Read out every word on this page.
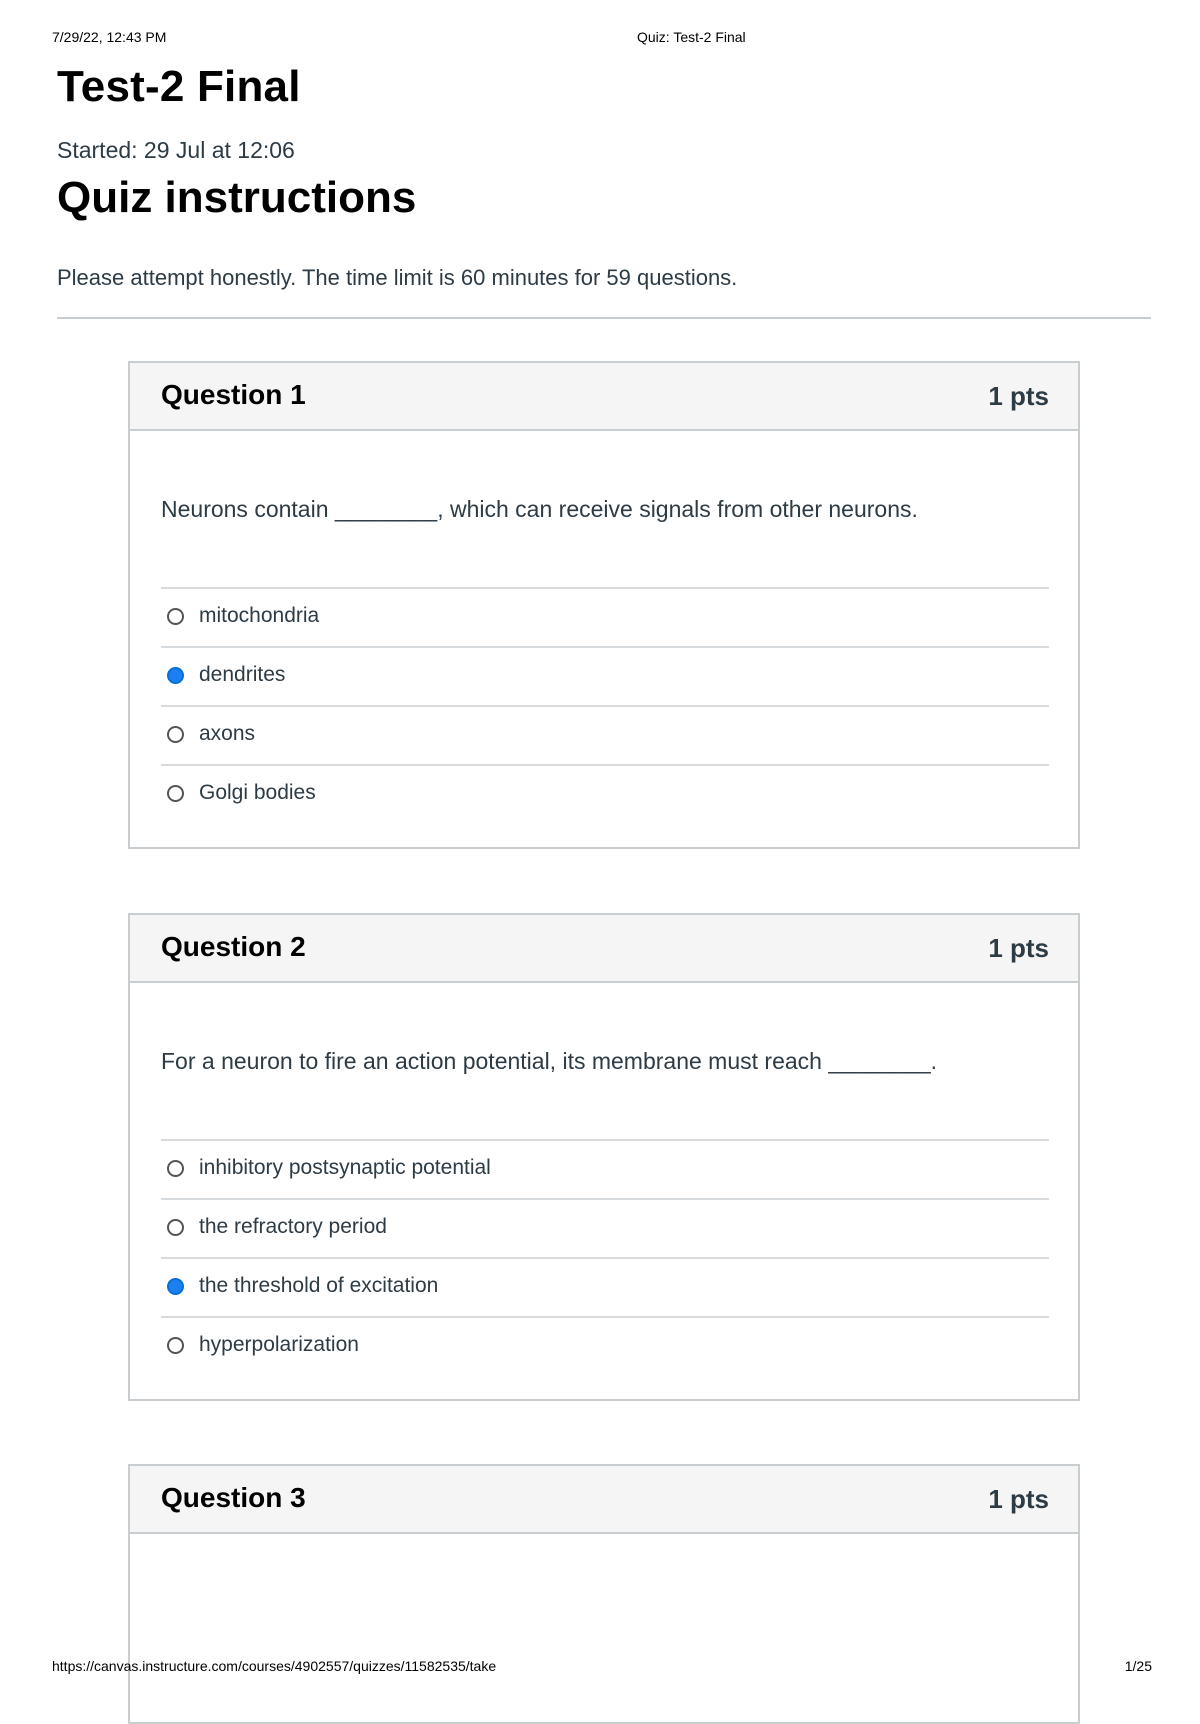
7/29/22, 12:43 PM	Quiz: Test-2 Final
Test-2 Final
Started: 29 Jul at 12:06
Quiz instructions
Please attempt honestly. The time limit is 60 minutes for 59 questions.
Question 1	1 pts
Neurons contain ________, which can receive signals from other neurons.
mitochondria
dendrites
axons
Golgi bodies
Question 2	1 pts
For a neuron to fire an action potential, its membrane must reach ________.
inhibitory postsynaptic potential
the refractory period
the threshold of excitation
hyperpolarization
Question 3	1 pts
https://canvas.instructure.com/courses/4902557/quizzes/11582535/take	1/25
